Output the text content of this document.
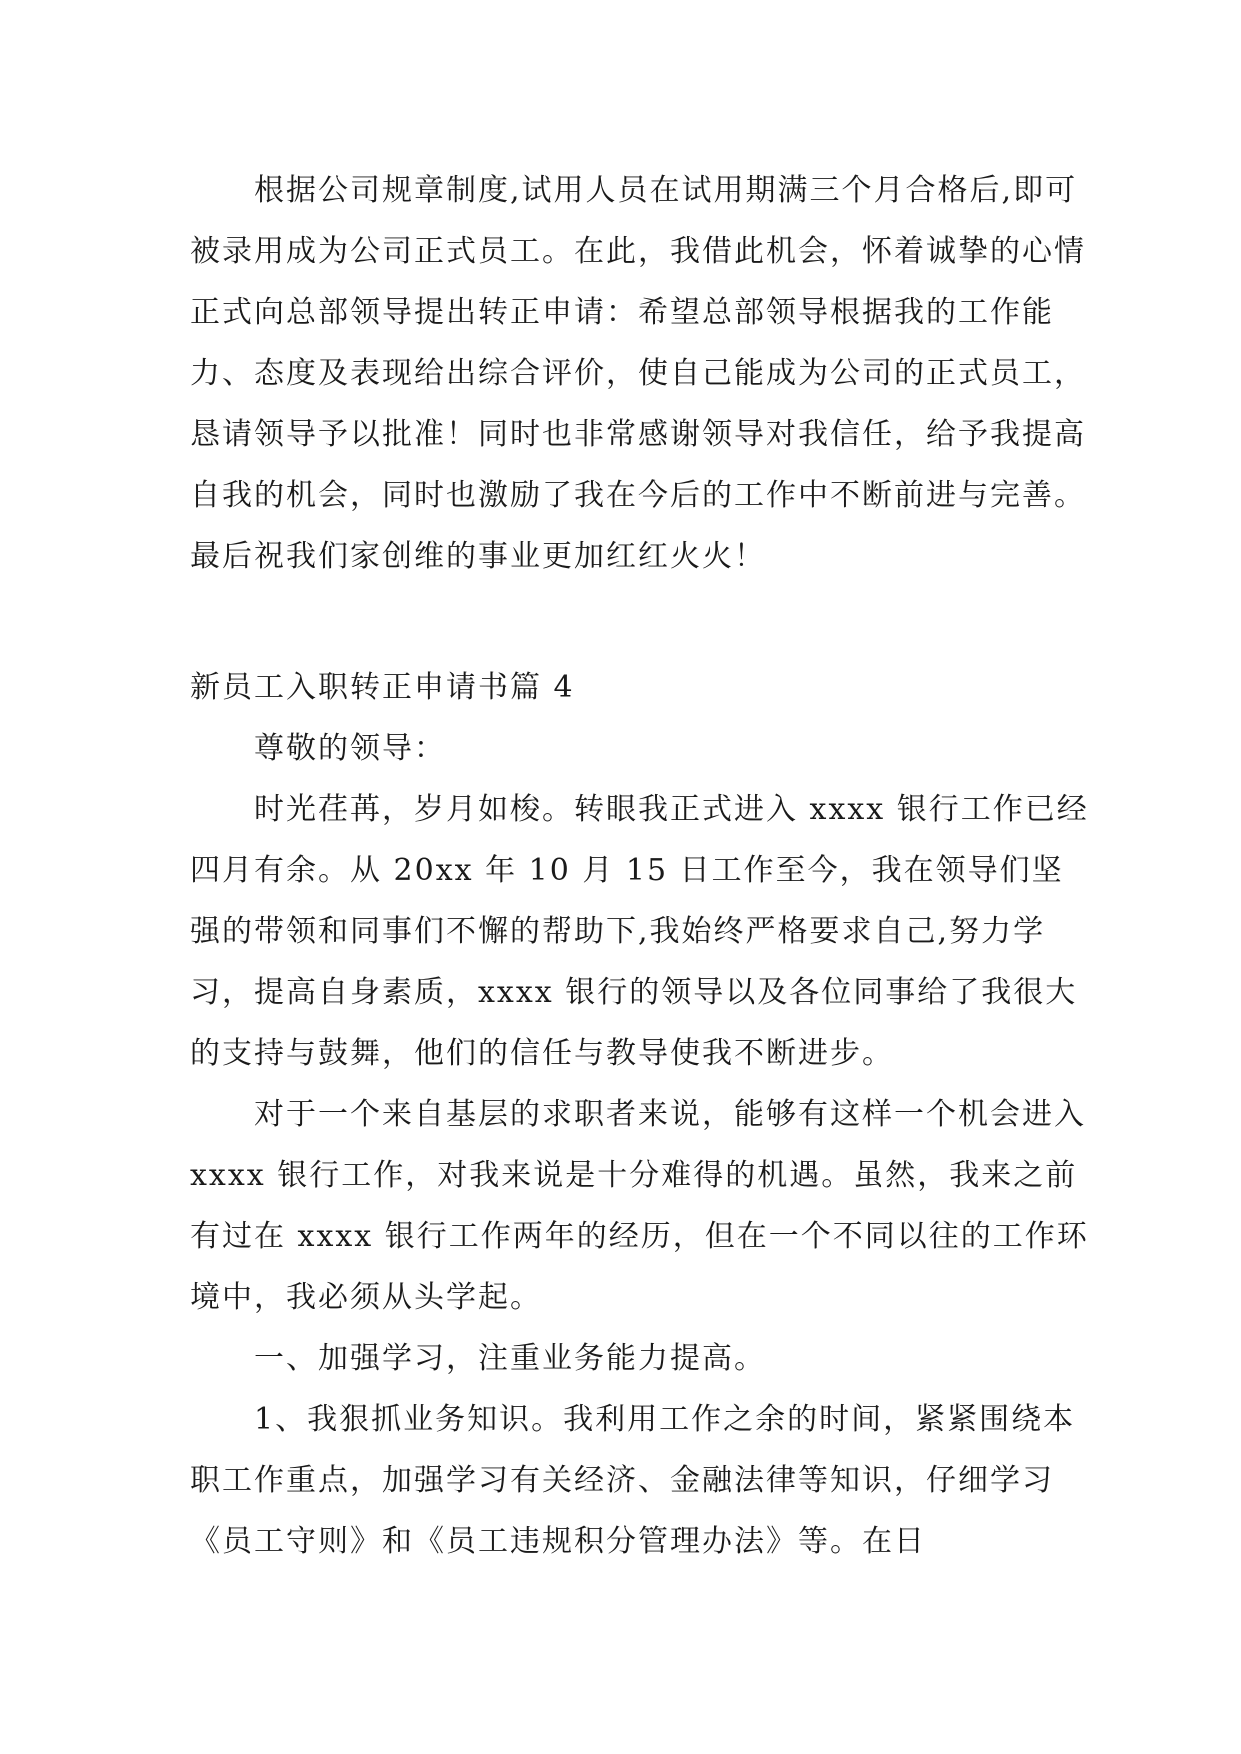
根据公司规章制度,试用人员在试用期满三个月合格后,即可被录用成为公司正式员工。在此，我借此机会，怀着诚挚的心情正式向总部领导提出转正申请：希望总部领导根据我的工作能力、态度及表现给出综合评价，使自己能成为公司的正式员工，恳请领导予以批准！同时也非常感谢领导对我信任，给予我提高自我的机会，同时也激励了我在今后的工作中不断前进与完善。最后祝我们家创维的事业更加红红火火！

新员工入职转正申请书篇 4

尊敬的领导：

时光荏苒，岁月如梭。转眼我正式进入 xxxx 银行工作已经四月有余。从 20xx 年 10 月 15 日工作至今，我在领导们坚强的带领和同事们不懈的帮助下,我始终严格要求自己,努力学习，提高自身素质，xxxx 银行的领导以及各位同事给了我很大的支持与鼓舞，他们的信任与教导使我不断进步。

对于一个来自基层的求职者来说，能够有这样一个机会进入 xxxx 银行工作，对我来说是十分难得的机遇。虽然，我来之前有过在 xxxx 银行工作两年的经历，但在一个不同以往的工作环境中，我必须从头学起。

一、加强学习，注重业务能力提高。

1、我狠抓业务知识。我利用工作之余的时间，紧紧围绕本职工作重点，加强学习有关经济、金融法律等知识，仔细学习《员工守则》和《员工违规积分管理办法》等。在日
